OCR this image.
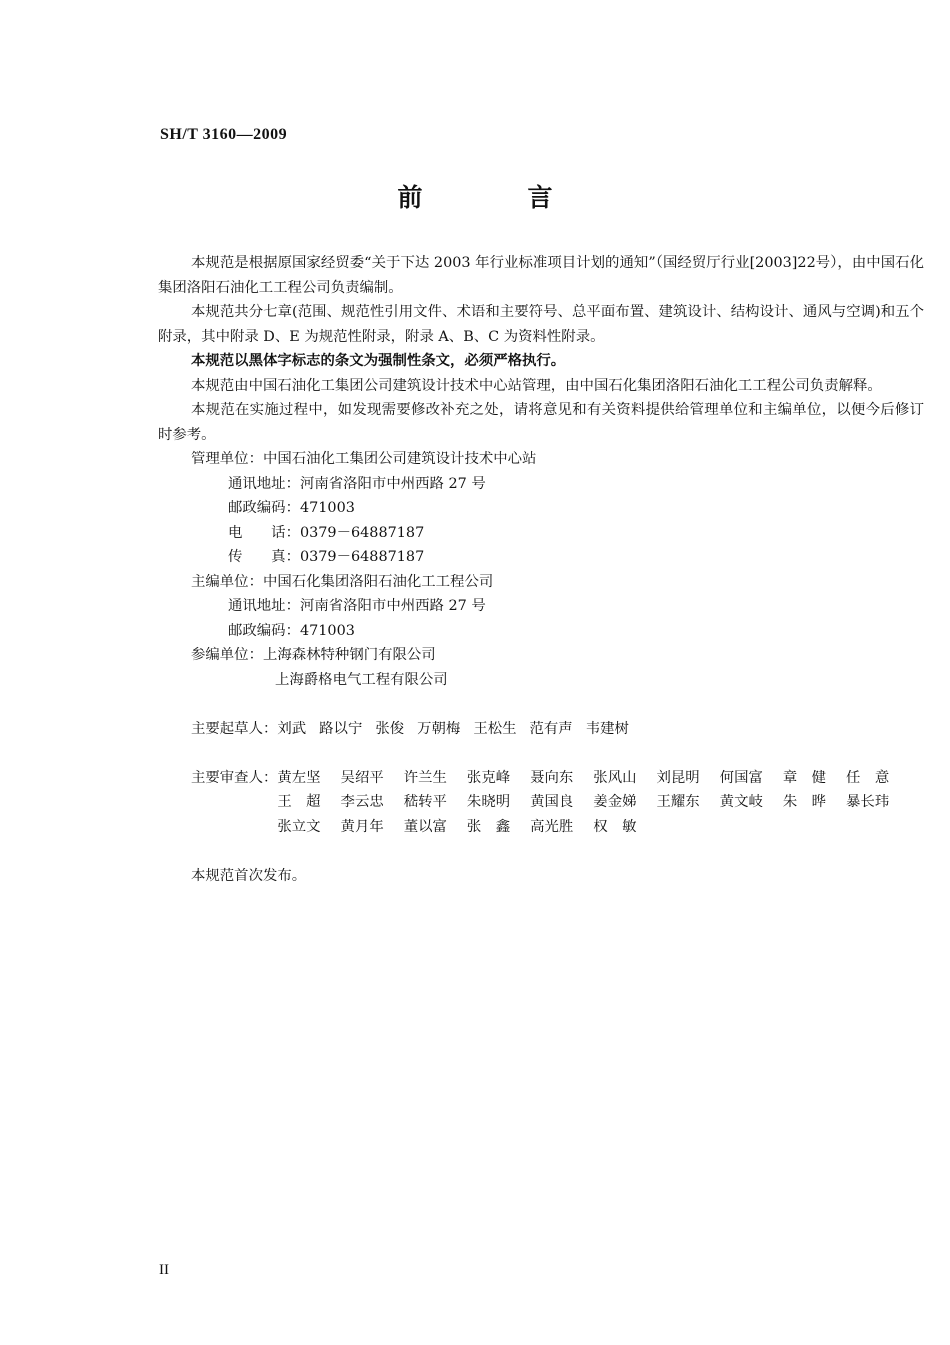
SH/T 3160—2009
前　言

本规范是根据原国家经贸委“关于下达 2003 年行业标准项目计划的通知”（国经贸厅行业[2003]22号），由中国石化集团洛阳石油化工工程公司负责编制。

本规范共分七章(范围、规范性引用文件、术语和主要符号、总平面布置、建筑设计、结构设计、通风与空调)和五个附录，其中附录 D、E 为规范性附录，附录 A、B、C 为资料性附录。

本规范以黑体字标志的条文为强制性条文，必须严格执行。

本规范由中国石油化工集团公司建筑设计技术中心站管理，由中国石化集团洛阳石油化工工程公司负责解释。

本规范在实施过程中，如发现需要修改补充之处，请将意见和有关资料提供给管理单位和主编单位，以便今后修订时参考。

管理单位： 中国石油化工集团公司建筑设计技术中心站
通讯地址： 河南省洛阳市中州西路 27 号
邮政编码： 471003
电　　话： 0379－64887187
传　　真： 0379－64887187
主编单位： 中国石化集团洛阳石油化工工程公司
通讯地址： 河南省洛阳市中州西路 27 号
邮政编码： 471003
参编单位： 上海森林特种钢门有限公司
上海爵格电气工程有限公司
主要起草人： 刘武 路以宁 张俊 万朝梅 王松生 范有声 韦建树
主要审查人： 黄左坚	吴绍平	许兰生	张克峰	聂向东	张风山	刘昆明	何国富	章　健	任　意
王　超	李云忠	嵇转平	朱晓明	黄国良	姜金娣	王耀东	黄文岐	朱　晔	暴长玮
张立文	黄月年	董以富	张　鑫	高光胜	权　敏

本规范首次发布。

II
